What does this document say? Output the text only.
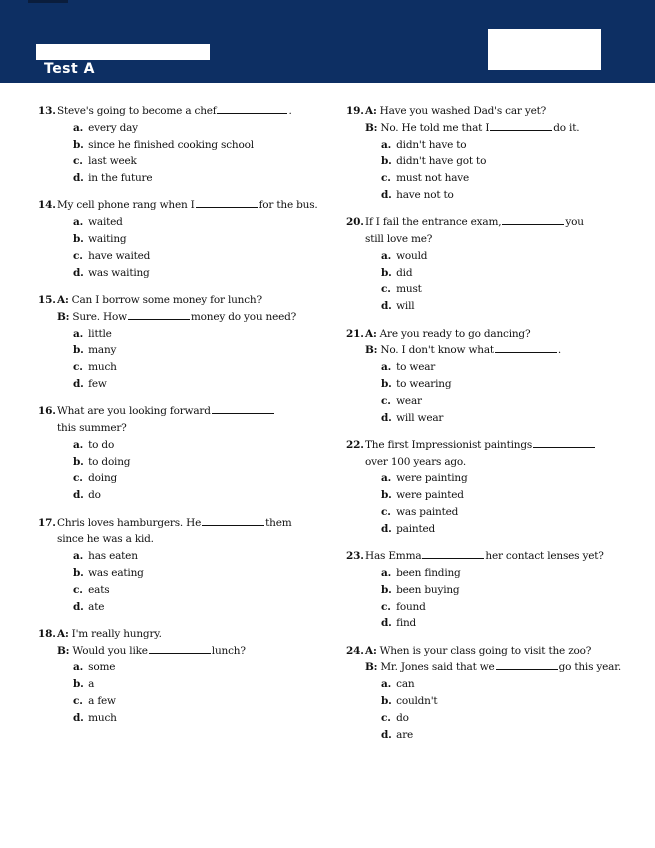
Test A
13. Steve's going to become a chef	.
a. every day
b. since he finished cooking school
c. last week
d. in the future
14. My cell phone rang when I	for the bus.
a. waited
b. waiting
c. have waited
d. was waiting
15. A: Can I borrow some money for lunch?
B: Sure. How	money do you need?
a. little
b. many
c. much
d. few
16. What are you looking forward
this summer?
a. to do
b. to doing
c. doing
d. do
17. Chris loves hamburgers. He	them
since he was a kid.
a. has eaten
b. was eating
c. eats
d. ate
18. A: I'm really hungry.
B: Would you like	lunch?
a. some
b. a
c. a few
d. much
19. A: Have you washed Dad's car yet?
B: No. He told me that I	do it.
a. didn't have to
b. didn't have got to
c. must not have
d. have not to
20. If I fail the entrance exam,	you
still love me?
a. would
b. did
c. must
d. will
21. A: Are you ready to go dancing?
B: No. I don't know what	.
a. to wear
b. to wearing
c. wear
d. will wear
22. The first Impressionist paintings
over 100 years ago.
a. were painting
b. were painted
c. was painted
d. painted
23. Has Emma	her contact lenses yet?
a. been finding
b. been buying
c. found
d. find
24. A: When is your class going to visit the zoo?
B: Mr. Jones said that we	go this year.
a. can
b. couldn't
c. do
d. are
